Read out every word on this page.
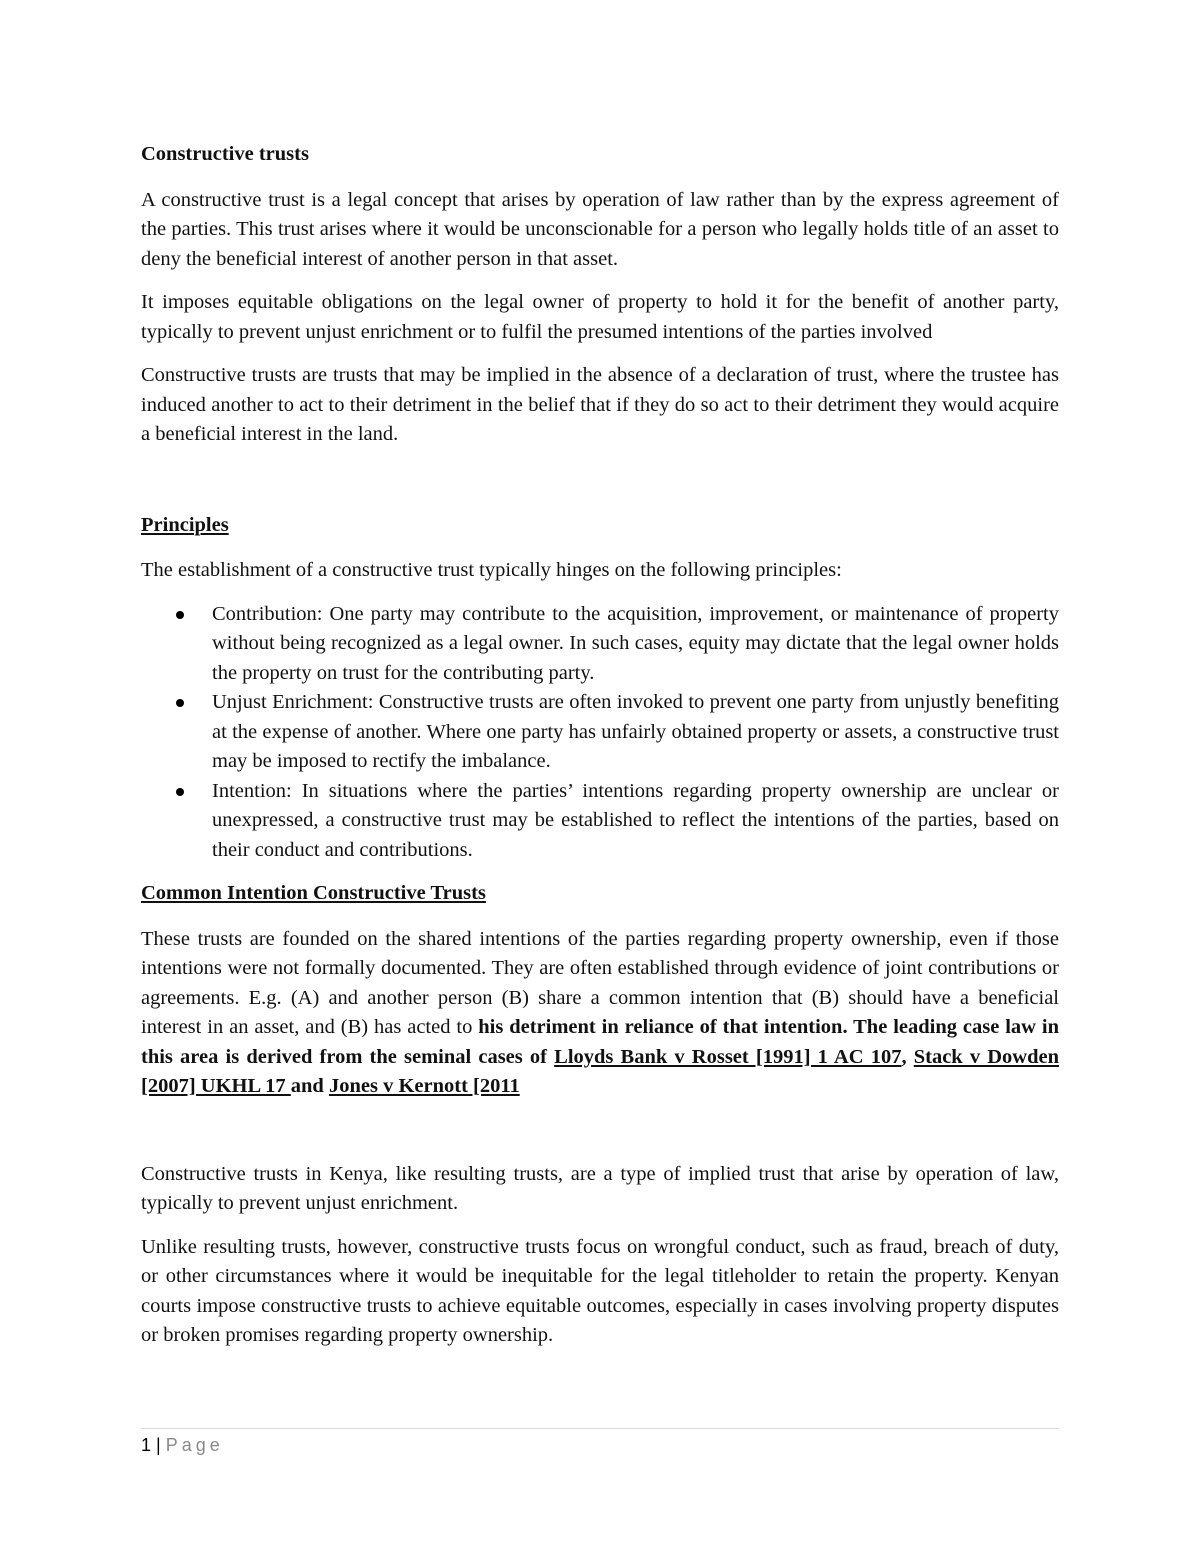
Constructive trusts

A constructive trust is a legal concept that arises by operation of law rather than by the express agreement of the parties. This trust arises where it would be unconscionable for a person who legally holds title of an asset to deny the beneficial interest of another person in that asset.

It imposes equitable obligations on the legal owner of property to hold it for the benefit of another party, typically to prevent unjust enrichment or to fulfil the presumed intentions of the parties involved

Constructive trusts are trusts that may be implied in the absence of a declaration of trust, where the trustee has induced another to act to their detriment in the belief that if they do so act to their detriment they would acquire a beneficial interest in the land.

Principles

The establishment of a constructive trust typically hinges on the following principles:

Contribution: One party may contribute to the acquisition, improvement, or maintenance of property without being recognized as a legal owner. In such cases, equity may dictate that the legal owner holds the property on trust for the contributing party.
Unjust Enrichment: Constructive trusts are often invoked to prevent one party from unjustly benefiting at the expense of another. Where one party has unfairly obtained property or assets, a constructive trust may be imposed to rectify the imbalance.
Intention: In situations where the parties’ intentions regarding property ownership are unclear or unexpressed, a constructive trust may be established to reflect the intentions of the parties, based on their conduct and contributions.

Common Intention Constructive Trusts

These trusts are founded on the shared intentions of the parties regarding property ownership, even if those intentions were not formally documented. They are often established through evidence of joint contributions or agreements. E.g. (A) and another person (B) share a common intention that (B) should have a beneficial interest in an asset, and (B) has acted to his detriment in reliance of that intention. The leading case law in this area is derived from the seminal cases of Lloyds Bank v Rosset [1991] 1 AC 107, Stack v Dowden [2007] UKHL 17 and Jones v Kernott [2011

Constructive trusts in Kenya, like resulting trusts, are a type of implied trust that arise by operation of law, typically to prevent unjust enrichment.

Unlike resulting trusts, however, constructive trusts focus on wrongful conduct, such as fraud, breach of duty, or other circumstances where it would be inequitable for the legal titleholder to retain the property. Kenyan courts impose constructive trusts to achieve equitable outcomes, especially in cases involving property disputes or broken promises regarding property ownership.

1 | Page
